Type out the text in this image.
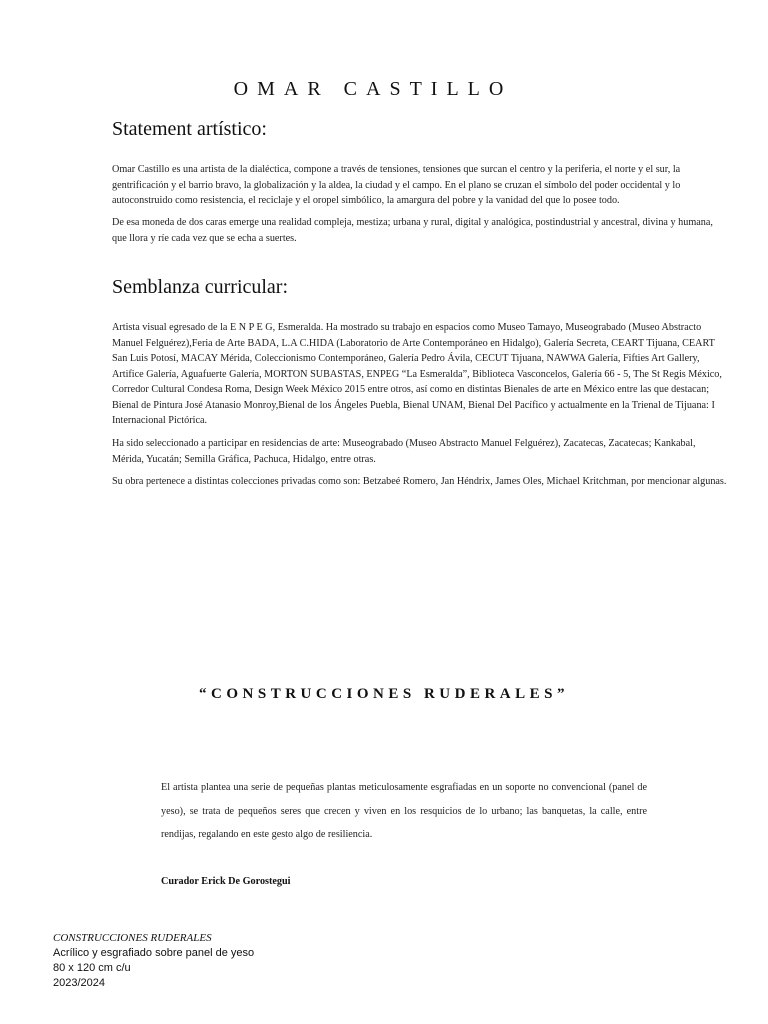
OMAR CASTILLO
Statement artístico:

Omar Castillo es una artista de la dialéctica, compone a través de tensiones, tensiones que surcan el centro y la periferia, el norte y el sur, la gentrificación y el barrio bravo, la globalización y la aldea, la ciudad y el campo. En el plano se cruzan el símbolo del poder occidental y lo autoconstruido como resistencia, el reciclaje y el oropel simbólico, la amargura del pobre y la vanidad del que lo posee todo.

De esa moneda de dos caras emerge una realidad compleja, mestiza; urbana y rural, digital y analógica, postindustrial y ancestral, divina y humana, que llora y ríe cada vez que se echa a suertes.

Semblanza curricular:

Artista visual egresado de la E N P E G, Esmeralda. Ha mostrado su trabajo en espacios como Museo Tamayo, Museograbado (Museo Abstracto Manuel Felguérez),Feria de Arte BADA, L.A C.HIDA (Laboratorio de Arte Contemporáneo en Hidalgo), Galería Secreta, CEART Tijuana, CEART San Luis Potosí, MACAY Mérida, Coleccionismo Contemporáneo, Galería Pedro Ávila, CECUT Tijuana, NAWWA Galería, Fifties Art Gallery, Artifice Galería, Aguafuerte Galería, MORTON SUBASTAS, ENPEG “La Esmeralda”, Biblioteca Vasconcelos, Galería 66 - 5, The St Regis México, Corredor Cultural Condesa Roma, Design Week México 2015 entre otros, así como en distintas Bienales de arte en México entre las que destacan; Bienal de Pintura José Atanasio Monroy,Bienal de los Ángeles Puebla, Bienal UNAM, Bienal Del Pacífico y actualmente en la Trienal de Tijuana: I Internacional Pictórica.

Ha sido seleccionado a participar en residencias de arte: Museograbado (Museo Abstracto Manuel Felguérez), Zacatecas, Zacatecas; Kankabal, Mérida, Yucatán; Semilla Gráfica, Pachuca, Hidalgo, entre otras.

Su obra pertenece a distintas colecciones privadas como son: Betzabeé Romero, Jan Héndrix, James Oles, Michael Kritchman, por mencionar algunas.

“CONSTRUCCIONES RUDERALES”

El artista plantea una serie de pequeñas plantas meticulosamente esgrafiadas en un soporte no convencional (panel de yeso), se trata de pequeños seres que crecen y viven en los resquicios de lo urbano; las banquetas, la calle, entre rendijas, regalando en este gesto algo de resiliencia.

Curador Erick De Gorostegui
CONSTRUCCIONES RUDERALES
Acrílico y esgrafiado sobre panel de yeso
80 x 120 cm c/u
2023/2024
